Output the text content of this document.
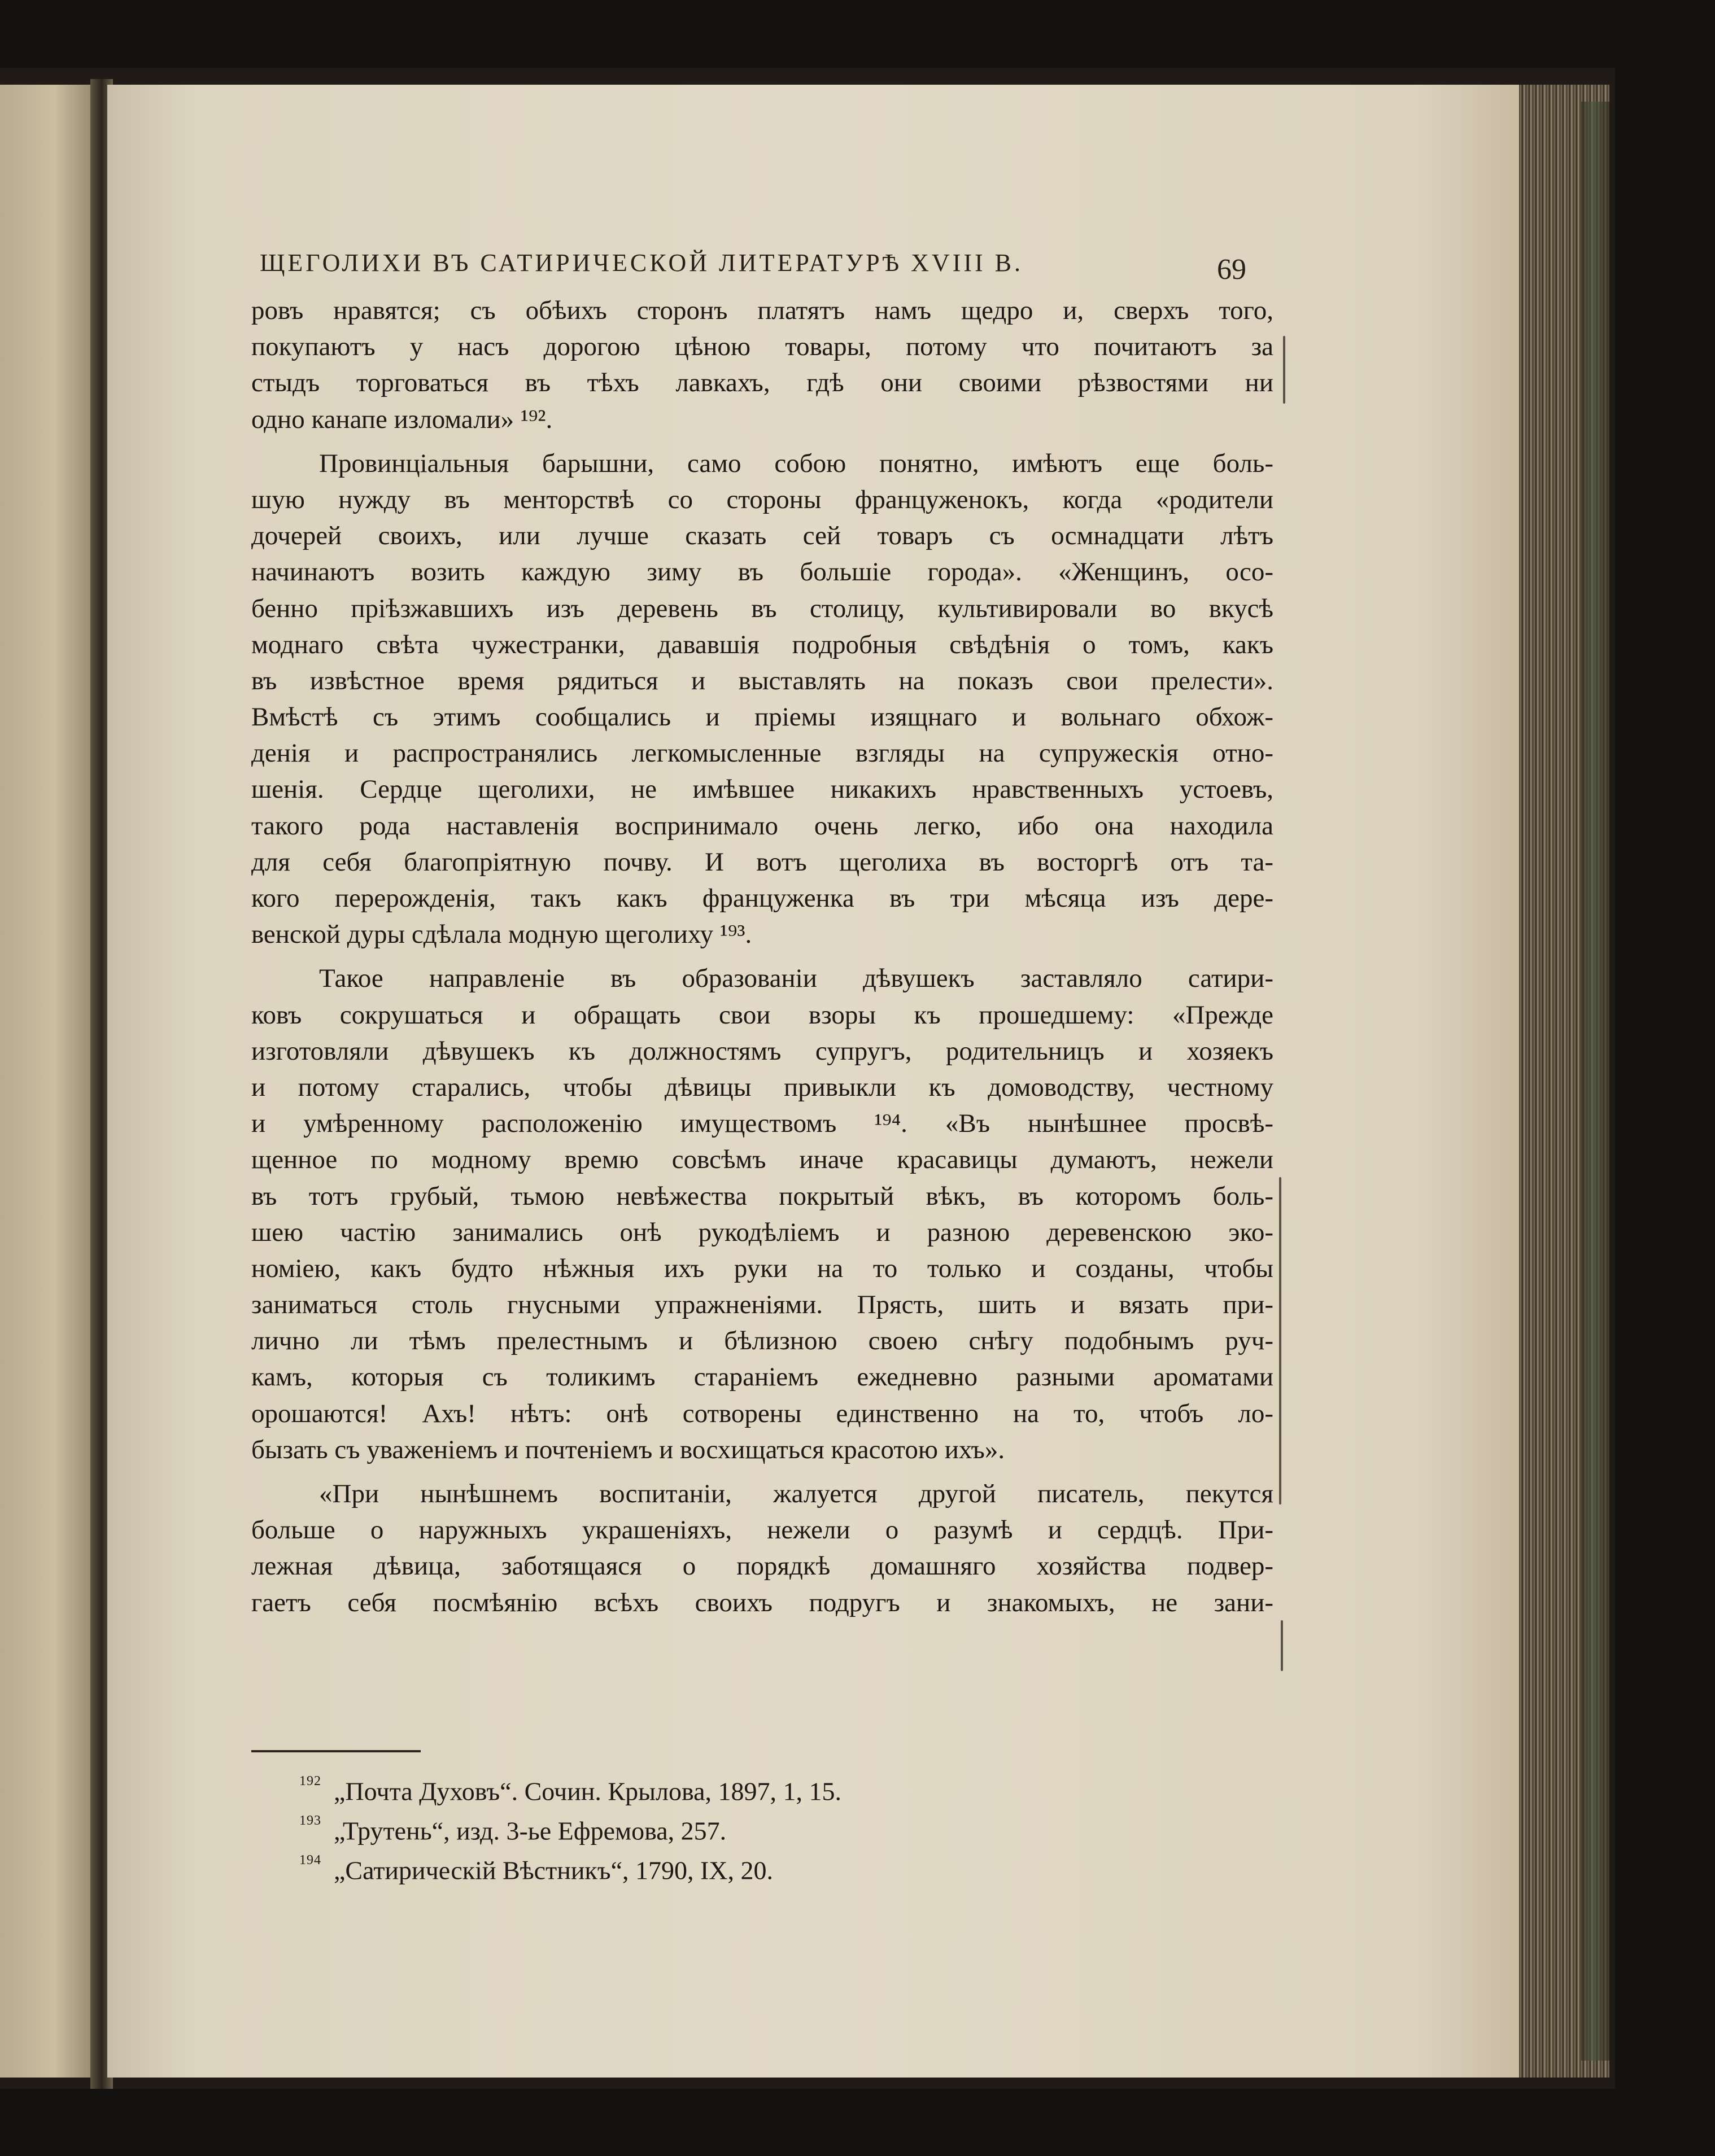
ЩЕГОЛИХИ ВЪ САТИРИЧЕСКОЙ ЛИТЕРАТУРѢ XVIII В.	69
ровъ нравятся; съ обѣихъ сторонъ платятъ намъ щедро и, сверхъ того,
покупаютъ у насъ дорогою цѣною товары, потому что почитаютъ за
стыдъ торговаться въ тѣхъ лавкахъ, гдѣ они своими рѣзвостями ни
одно канапе изломали» ¹⁹².
Провинціальныя барышни, само собою понятно, имѣютъ еще боль-
шую нужду въ менторствѣ со стороны француженокъ, когда «родители
дочерей своихъ, или лучше сказать сей товаръ съ осмнадцати лѣтъ
начинаютъ возить каждую зиму въ большіе города». «Женщинъ, осо-
бенно пріѣзжавшихъ изъ деревень въ столицу, культивировали во вкусѣ
моднаго свѣта чужестранки, дававшія подробныя свѣдѣнія о томъ, какъ
въ извѣстное время рядиться и выставлять на показъ свои прелести».
Вмѣстѣ съ этимъ сообщались и пріемы изящнаго и вольнаго обхож-
денія и распространялись легкомысленные взгляды на супружескія отно-
шенія. Сердце щеголихи, не имѣвшее никакихъ нравственныхъ устоевъ,
такого рода наставленія воспринимало очень легко, ибо она находила
для себя благопріятную почву. И вотъ щеголиха въ восторгѣ отъ та-
кого перерожденія, такъ какъ француженка въ три мѣсяца изъ дере-
венской дуры сдѣлала модную щеголиху ¹⁹³.
Такое направленіе въ образованіи дѣвушекъ заставляло сатири-
ковъ сокрушаться и обращать свои взоры къ прошедшему: «Прежде
изготовляли дѣвушекъ къ должностямъ супругъ, родительницъ и хозяекъ
и потому старались, чтобы дѣвицы привыкли къ домоводству, честному
и умѣренному расположенію имуществомъ ¹⁹⁴. «Въ нынѣшнее просвѣ-
щенное по модному времю совсѣмъ иначе красавицы думаютъ, нежели
въ тотъ грубый, тьмою невѣжества покрытый вѣкъ, въ которомъ боль-
шею частію занимались онѣ рукодѣліемъ и разною деревенскою эко-
номіею, какъ будто нѣжныя ихъ руки на то только и созданы, чтобы
заниматься столь гнусными упражненіями. Прясть, шить и вязать при-
лично ли тѣмъ прелестнымъ и бѣлизною своею снѣгу подобнымъ руч-
камъ, которыя съ толикимъ стараніемъ ежедневно разными ароматами
орошаются! Ахъ! нѣтъ: онѣ сотворены единственно на то, чтобъ ло-
бызать съ уваженіемъ и почтеніемъ и восхищаться красотою ихъ».
«При нынѣшнемъ воспитаніи, жалуется другой писатель, пекутся
больше о наружныхъ украшеніяхъ, нежели о разумѣ и сердцѣ. При-
лежная дѣвица, заботящаяся о порядкѣ домашняго хозяйства подвер-
гаетъ себя посмѣянію всѣхъ своихъ подругъ и знакомыхъ, не зани-
$^{192}$ „Почта Духовъ“. Сочин. Крылова, 1897, 1, 15.
$^{193}$ „Трутень“, изд. 3-ье Ефремова, 257.
$^{194}$ „Сатирическій Вѣстникъ“, 1790, IX, 20.
